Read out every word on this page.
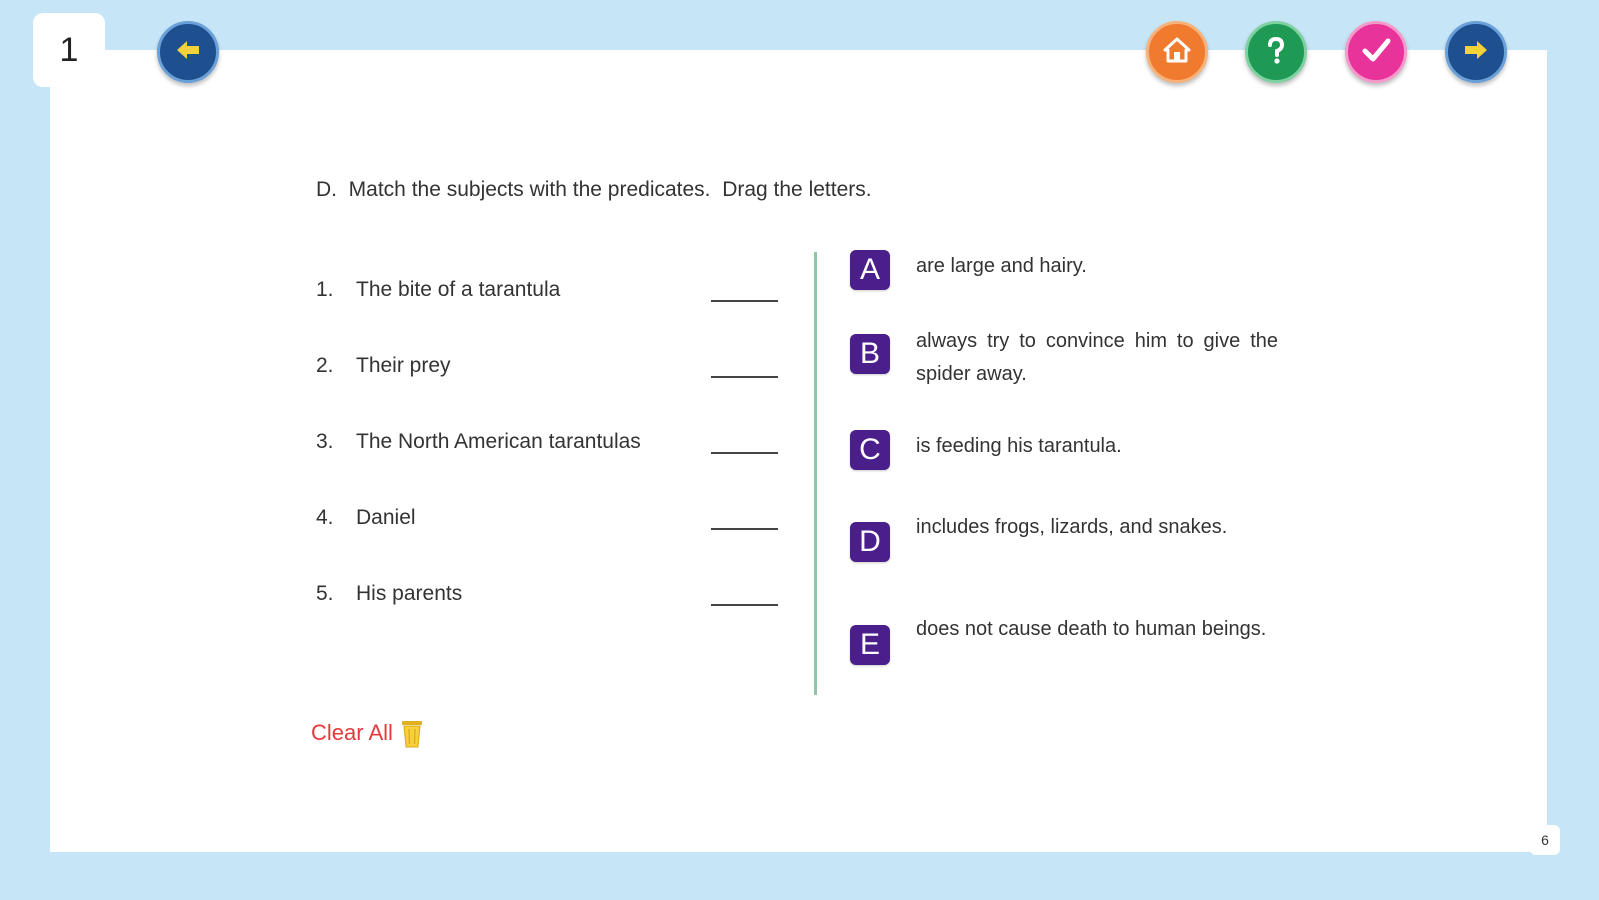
1
D.  Match the subjects with the predicates.  Drag the letters.
1.	The bite of a tarantula
2.	Their prey
3.	The North American tarantulas
4.	Daniel
5.	His parents
A	are large and hairy.
B	always try to convince him to give the spider away.
C	is feeding his tarantula.
D	includes frogs, lizards, and snakes.
E	does not cause death to human beings.
Clear All
6
